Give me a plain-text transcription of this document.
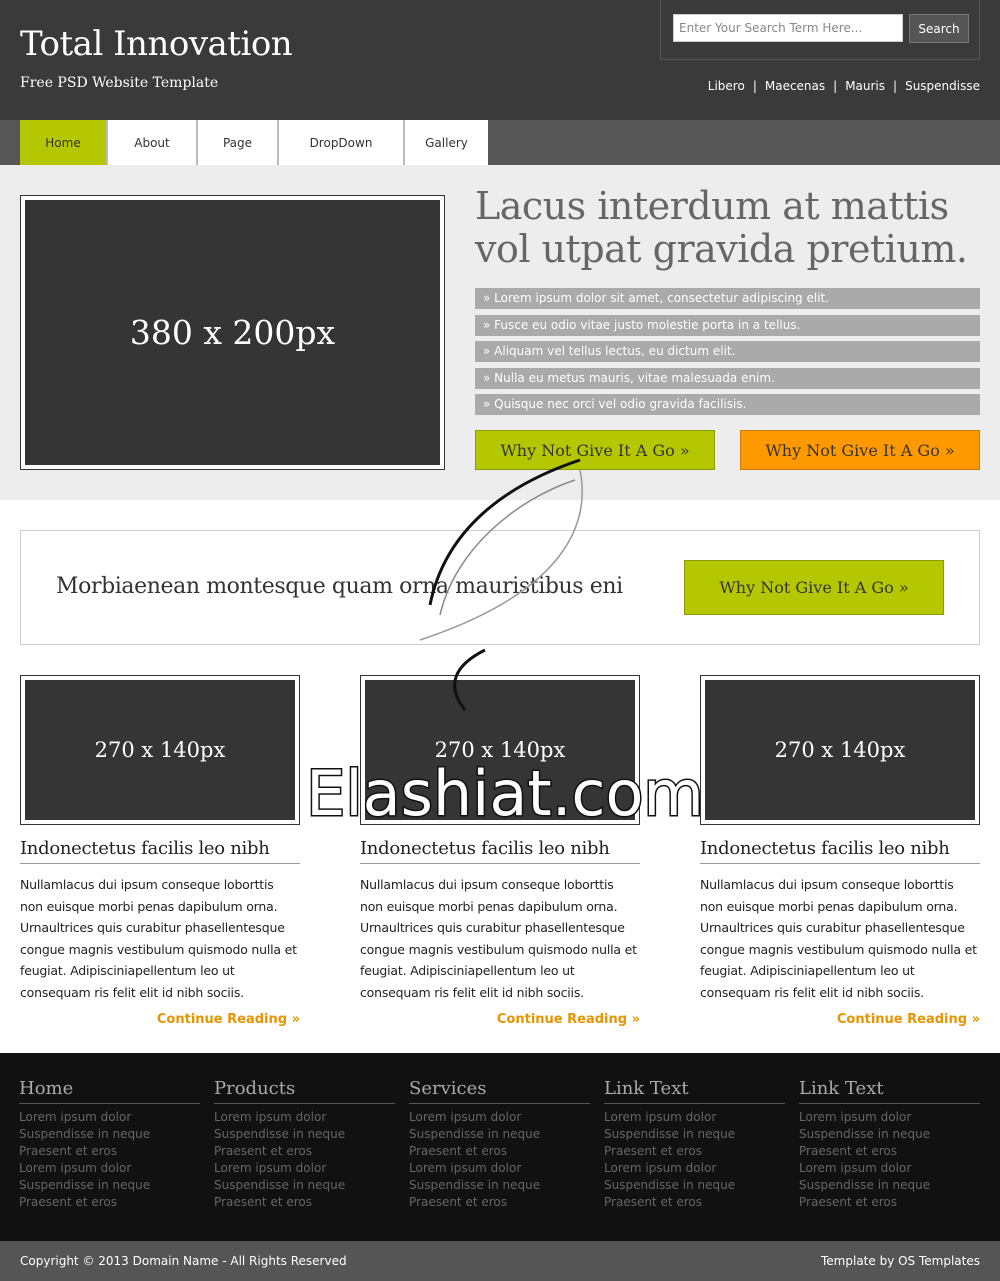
Total Innovation
Free PSD Website Template
Enter Your Search Term Here...
Search
Libero | Maecenas | Mauris | Suspendisse
Home	About	Page	DropDown	Gallery
380 x 200px
Lacus interdum at mattis vol utpat gravida pretium.
» Lorem ipsum dolor sit amet, consectetur adipiscing elit.
» Fusce eu odio vitae justo molestie porta in a tellus.
» Aliquam vel tellus lectus, eu dictum elit.
» Nulla eu metus mauris, vitae malesuada enim.
» Quisque nec orci vel odio gravida facilisis.
Why Not Give It A Go »	Why Not Give It A Go »
Morbiaenean montesque quam orna mauristibus eni	Why Not Give It A Go »
270 x 140px
Indonectetus facilis leo nibh
Nullamlacus dui ipsum conseque loborttis non euisque morbi penas dapibulum orna. Urnaultrices quis curabitur phasellentesque congue magnis vestibulum quismodo nulla et feugiat. Adipisciniapellentum leo ut consequam ris felit elit id nibh sociis.
Continue Reading »
270 x 140px
Indonectetus facilis leo nibh
Nullamlacus dui ipsum conseque loborttis non euisque morbi penas dapibulum orna. Urnaultrices quis curabitur phasellentesque congue magnis vestibulum quismodo nulla et feugiat. Adipisciniapellentum leo ut consequam ris felit elit id nibh sociis.
Continue Reading »
270 x 140px
Indonectetus facilis leo nibh
Nullamlacus dui ipsum conseque loborttis non euisque morbi penas dapibulum orna. Urnaultrices quis curabitur phasellentesque congue magnis vestibulum quismodo nulla et feugiat. Adipisciniapellentum leo ut consequam ris felit elit id nibh sociis.
Continue Reading »
Home
Lorem ipsum dolor
Suspendisse in neque
Praesent et eros
Lorem ipsum dolor
Suspendisse in neque
Praesent et eros
Products
Lorem ipsum dolor
Suspendisse in neque
Praesent et eros
Lorem ipsum dolor
Suspendisse in neque
Praesent et eros
Services
Lorem ipsum dolor
Suspendisse in neque
Praesent et eros
Lorem ipsum dolor
Suspendisse in neque
Praesent et eros
Link Text
Lorem ipsum dolor
Suspendisse in neque
Praesent et eros
Lorem ipsum dolor
Suspendisse in neque
Praesent et eros
Link Text
Lorem ipsum dolor
Suspendisse in neque
Praesent et eros
Lorem ipsum dolor
Suspendisse in neque
Praesent et eros
Copyright © 2013 Domain Name - All Rights Reserved	Template by OS Templates
Elashiat.com
